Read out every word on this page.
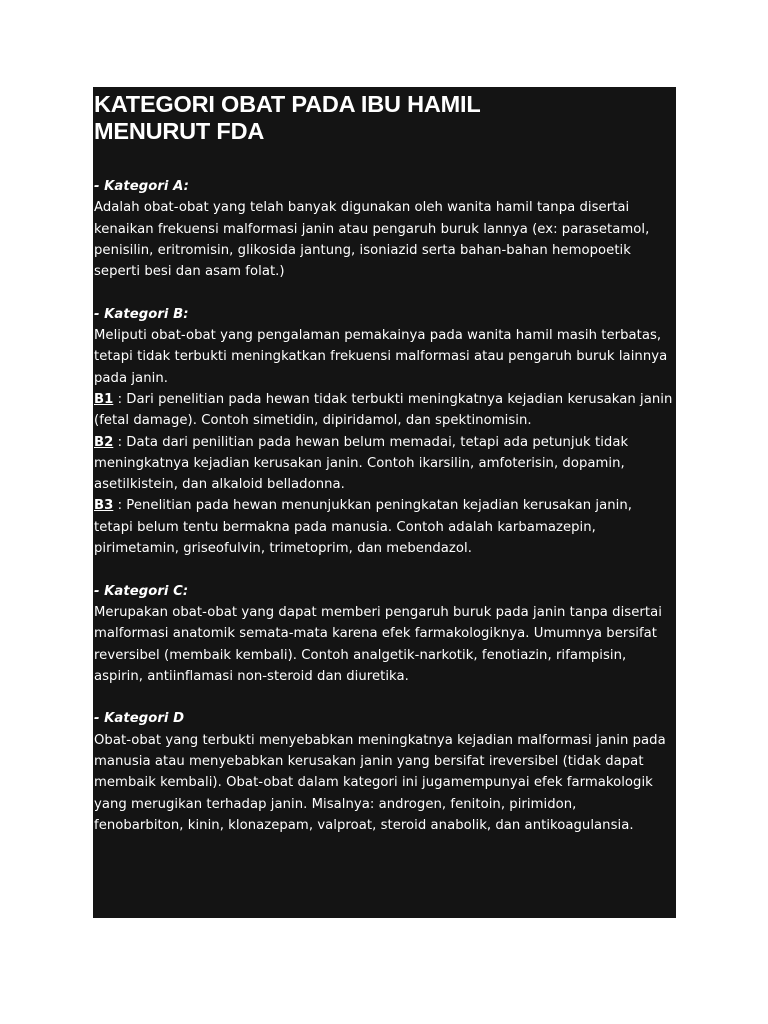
KATEGORI OBAT PADA IBU HAMIL MENURUT FDA
- Kategori A:
Adalah obat-obat yang telah banyak digunakan oleh wanita hamil tanpa disertai kenaikan frekuensi malformasi janin atau pengaruh buruk lannya (ex: parasetamol, penisilin, eritromisin, glikosida jantung, isoniazid serta bahan-bahan hemopoetik seperti besi dan asam folat.)
- Kategori B:
Meliputi obat-obat yang pengalaman pemakainya pada wanita hamil masih terbatas, tetapi tidak terbukti meningkatkan frekuensi malformasi atau pengaruh buruk lainnya pada janin.
B1 : Dari penelitian pada hewan tidak terbukti meningkatnya kejadian kerusakan janin (fetal damage). Contoh simetidin, dipiridamol, dan spektinomisin.
B2 : Data dari penilitian pada hewan belum memadai, tetapi ada petunjuk tidak meningkatnya kejadian kerusakan janin. Contoh ikarsilin, amfoterisin, dopamin, asetilkistein, dan alkaloid belladonna.
B3 : Penelitian pada hewan menunjukkan peningkatan kejadian kerusakan janin, tetapi belum tentu bermakna pada manusia. Contoh adalah karbamazepin, pirimetamin, griseofulvin, trimetoprim, dan mebendazol.
- Kategori C:
Merupakan obat-obat yang dapat memberi pengaruh buruk pada janin tanpa disertai malformasi anatomik semata-mata karena efek farmakologiknya. Umumnya bersifat reversibel (membaik kembali). Contoh analgetik-narkotik, fenotiazin, rifampisin, aspirin, antiinflamasi non-steroid dan diuretika.
- Kategori D
Obat-obat yang terbukti menyebabkan meningkatnya kejadian malformasi janin pada manusia atau menyebabkan kerusakan janin yang bersifat ireversibel (tidak dapat membaik kembali). Obat-obat dalam kategori ini jugamempunyai efek farmakologik yang merugikan terhadap janin. Misalnya: androgen, fenitoin, pirimidon,
fenobarbiton, kinin, klonazepam, valproat, steroid anabolik, dan antikoagulansia.
